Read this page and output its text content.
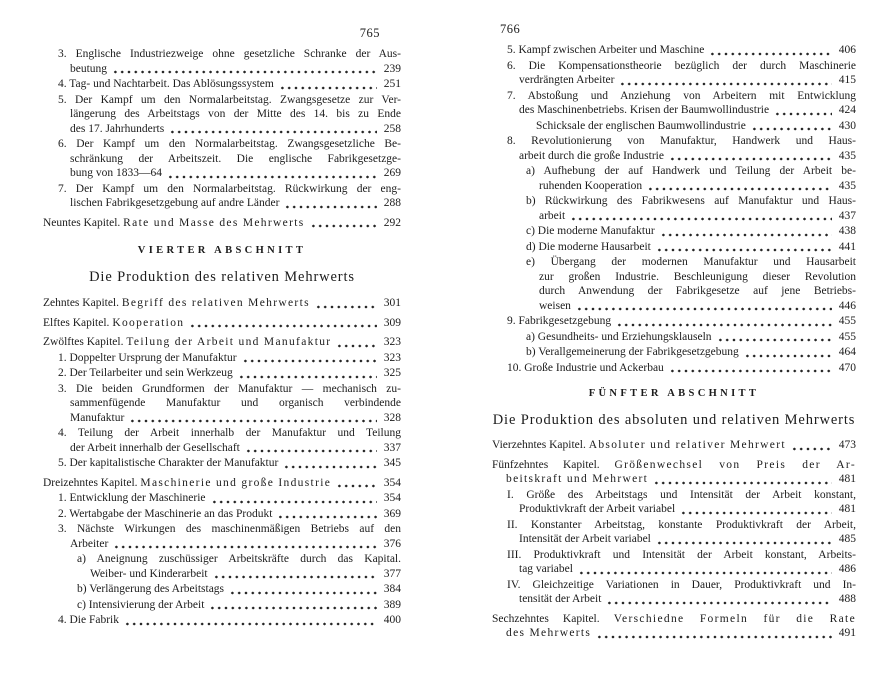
765
3. Englische Industriezweige ohne gesetzliche Schranke der Aus-
beutung	239
4. Tag- und Nachtarbeit. Das Ablösungssystem	251
5. Der Kampf um den Normalarbeitstag. Zwangsgesetze zur Ver-
längerung des Arbeitstags von der Mitte des 14. bis zu Ende
des 17. Jahrhunderts	258
6. Der Kampf um den Normalarbeitstag. Zwangsgesetzliche Be-
schränkung der Arbeitszeit. Die englische Fabrikgesetzge-
bung von 1833—64	269
7. Der Kampf um den Normalarbeitstag. Rückwirkung der eng-
lischen Fabrikgesetzgebung auf andre Länder	288
Neuntes Kapitel. Rate und Masse des Mehrwerts	292
VIERTER ABSCHNITT
Die Produktion des relativen Mehrwerts
Zehntes Kapitel. Begriff des relativen Mehrwerts	301
Elftes Kapitel. Kooperation	309
Zwölftes Kapitel. Teilung der Arbeit und Manufaktur	323
1. Doppelter Ursprung der Manufaktur	323
2. Der Teilarbeiter und sein Werkzeug	325
3. Die beiden Grundformen der Manufaktur — mechanisch zu-
sammenfügende Manufaktur und organisch verbindende
Manufaktur	328
4. Teilung der Arbeit innerhalb der Manufaktur und Teilung
der Arbeit innerhalb der Gesellschaft	337
5. Der kapitalistische Charakter der Manufaktur	345
Dreizehntes Kapitel. Maschinerie und große Industrie	354
1. Entwicklung der Maschinerie	354
2. Wertabgabe der Maschinerie an das Produkt	369
3. Nächste Wirkungen des maschinenmäßigen Betriebs auf den
Arbeiter	376
a) Aneignung zuschüssiger Arbeitskräfte durch das Kapital.
Weiber- und Kinderarbeit	377
b) Verlängerung des Arbeitstags	384
c) Intensivierung der Arbeit	389
4. Die Fabrik	400
766
5. Kampf zwischen Arbeiter und Maschine	406
6. Die Kompensationstheorie bezüglich der durch Maschinerie
verdrängten Arbeiter	415
7. Abstoßung und Anziehung von Arbeitern mit Entwicklung
des Maschinenbetriebs. Krisen der Baumwollindustrie	424
Schicksale der englischen Baumwollindustrie	430
8. Revolutionierung von Manufaktur, Handwerk und Haus-
arbeit durch die große Industrie	435
a) Aufhebung der auf Handwerk und Teilung der Arbeit be-
ruhenden Kooperation	435
b) Rückwirkung des Fabrikwesens auf Manufaktur und Haus-
arbeit	437
c) Die moderne Manufaktur	438
d) Die moderne Hausarbeit	441
e) Übergang der modernen Manufaktur und Hausarbeit
zur großen Industrie. Beschleunigung dieser Revolution
durch Anwendung der Fabrikgesetze auf jene Betriebs-
weisen	446
9. Fabrikgesetzgebung	455
a) Gesundheits- und Erziehungsklauseln	455
b) Verallgemeinerung der Fabrikgesetzgebung	464
10. Große Industrie und Ackerbau	470
FÜNFTER ABSCHNITT
Die Produktion des absoluten und relativen Mehrwerts
Vierzehntes Kapitel. Absoluter und relativer Mehrwert	473
Fünfzehntes Kapitel. Größenwechsel von Preis der Ar-
beitskraft und Mehrwert	481
I. Größe des Arbeitstags und Intensität der Arbeit konstant,
Produktivkraft der Arbeit variabel	481
II. Konstanter Arbeitstag, konstante Produktivkraft der Arbeit,
Intensität der Arbeit variabel	485
III. Produktivkraft und Intensität der Arbeit konstant, Arbeits-
tag variabel	486
IV. Gleichzeitige Variationen in Dauer, Produktivkraft und In-
tensität der Arbeit	488
Sechzehntes Kapitel. Verschiedne Formeln für die Rate
des Mehrwerts	491
